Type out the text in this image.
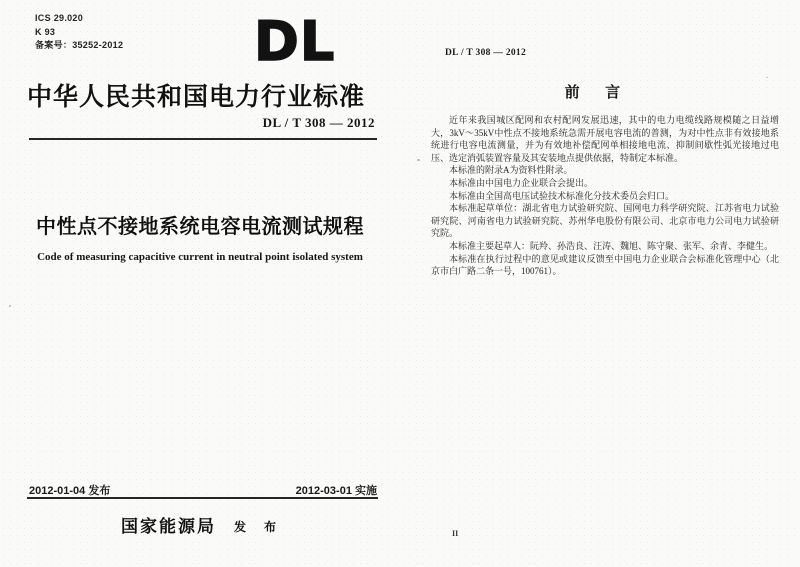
ICS 29.020
K 93
备案号：35252-2012 DL
中华人民共和国电力行业标准
DL / T 308 — 2012
中性点不接地系统电容电流测试规程
Code of measuring capacitive current in neutral point isolated system
2012-01-04 发布	2012-03-01 实施
国家能源局 发　布
DL / T 308 — 2012
前　言

近年来我国城区配网和农村配网发展迅速，其中的电力电缆线路规模随之日益增大，3kV～35kV中性点不接地系统急需开展电容电流的普测，为对中性点非有效接地系统进行电容电流测量，并为有效地补偿配网单相接地电流、抑制间歇性弧光接地过电压、选定消弧装置容量及其安装地点提供依据，特制定本标准。

本标准的附录A为资料性附录。

本标准由中国电力企业联合会提出。

本标准由全国高电压试验技术标准化分技术委员会归口。

本标准起草单位：湖北省电力试验研究院、国网电力科学研究院、江苏省电力试验研究院、河南省电力试验研究院、苏州华电股份有限公司、北京市电力公司电力试验研究院。

本标准主要起草人：阮羚、孙浩良、汪涛、魏旭、陈守聚、张军、余青、李健生。

本标准在执行过程中的意见或建议反馈至中国电力企业联合会标准化管理中心（北京市白广路二条一号，100761）。

II
